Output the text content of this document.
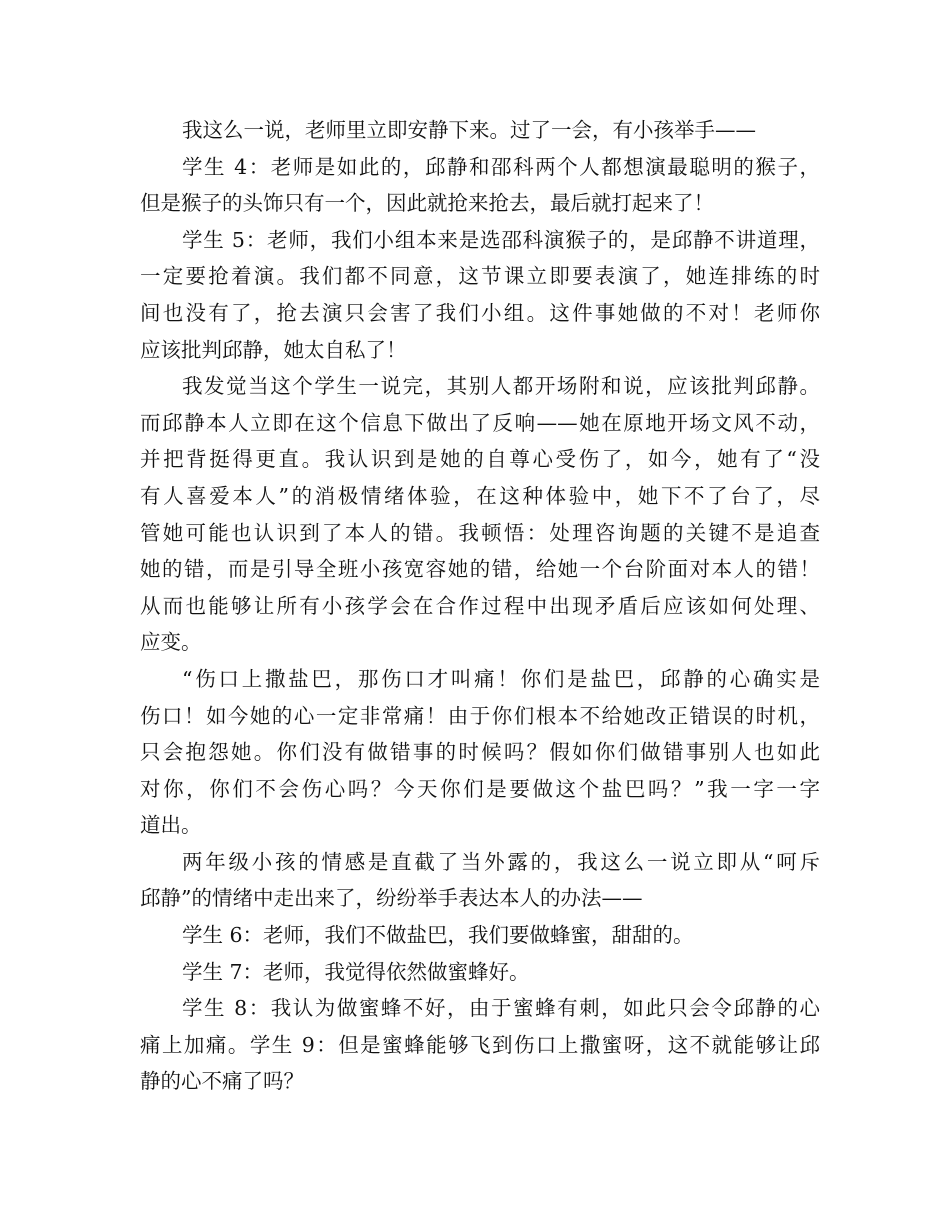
我这么一说，老师里立即安静下来。过了一会，有小孩举手——
学生 4：老师是如此的，邱静和邵科两个人都想演最聪明的猴子，
但是猴子的头饰只有一个，因此就抢来抢去，最后就打起来了！
学生 5：老师，我们小组本来是选邵科演猴子的，是邱静不讲道理，
一定要抢着演。我们都不同意，这节课立即要表演了，她连排练的时
间也没有了，抢去演只会害了我们小组。这件事她做的不对！老师你
应该批判邱静，她太自私了！
我发觉当这个学生一说完，其别人都开场附和说，应该批判邱静。
而邱静本人立即在这个信息下做出了反响——她在原地开场文风不动，
并把背挺得更直。我认识到是她的自尊心受伤了，如今，她有了“没
有人喜爱本人”的消极情绪体验，在这种体验中，她下不了台了，尽
管她可能也认识到了本人的错。我顿悟：处理咨询题的关键不是追查
她的错，而是引导全班小孩宽容她的错，给她一个台阶面对本人的错！
从而也能够让所有小孩学会在合作过程中出现矛盾后应该如何处理、
应变。
“伤口上撒盐巴，那伤口才叫痛！你们是盐巴，邱静的心确实是
伤口！如今她的心一定非常痛！由于你们根本不给她改正错误的时机，
只会抱怨她。你们没有做错事的时候吗？假如你们做错事别人也如此
对你，你们不会伤心吗？今天你们是要做这个盐巴吗？”我一字一字
道出。
两年级小孩的情感是直截了当外露的，我这么一说立即从“呵斥
邱静”的情绪中走出来了，纷纷举手表达本人的办法——
学生 6：老师，我们不做盐巴，我们要做蜂蜜，甜甜的。
学生 7：老师，我觉得依然做蜜蜂好。
学生 8：我认为做蜜蜂不好，由于蜜蜂有刺，如此只会令邱静的心
痛上加痛。学生 9：但是蜜蜂能够飞到伤口上撒蜜呀，这不就能够让邱
静的心不痛了吗？
